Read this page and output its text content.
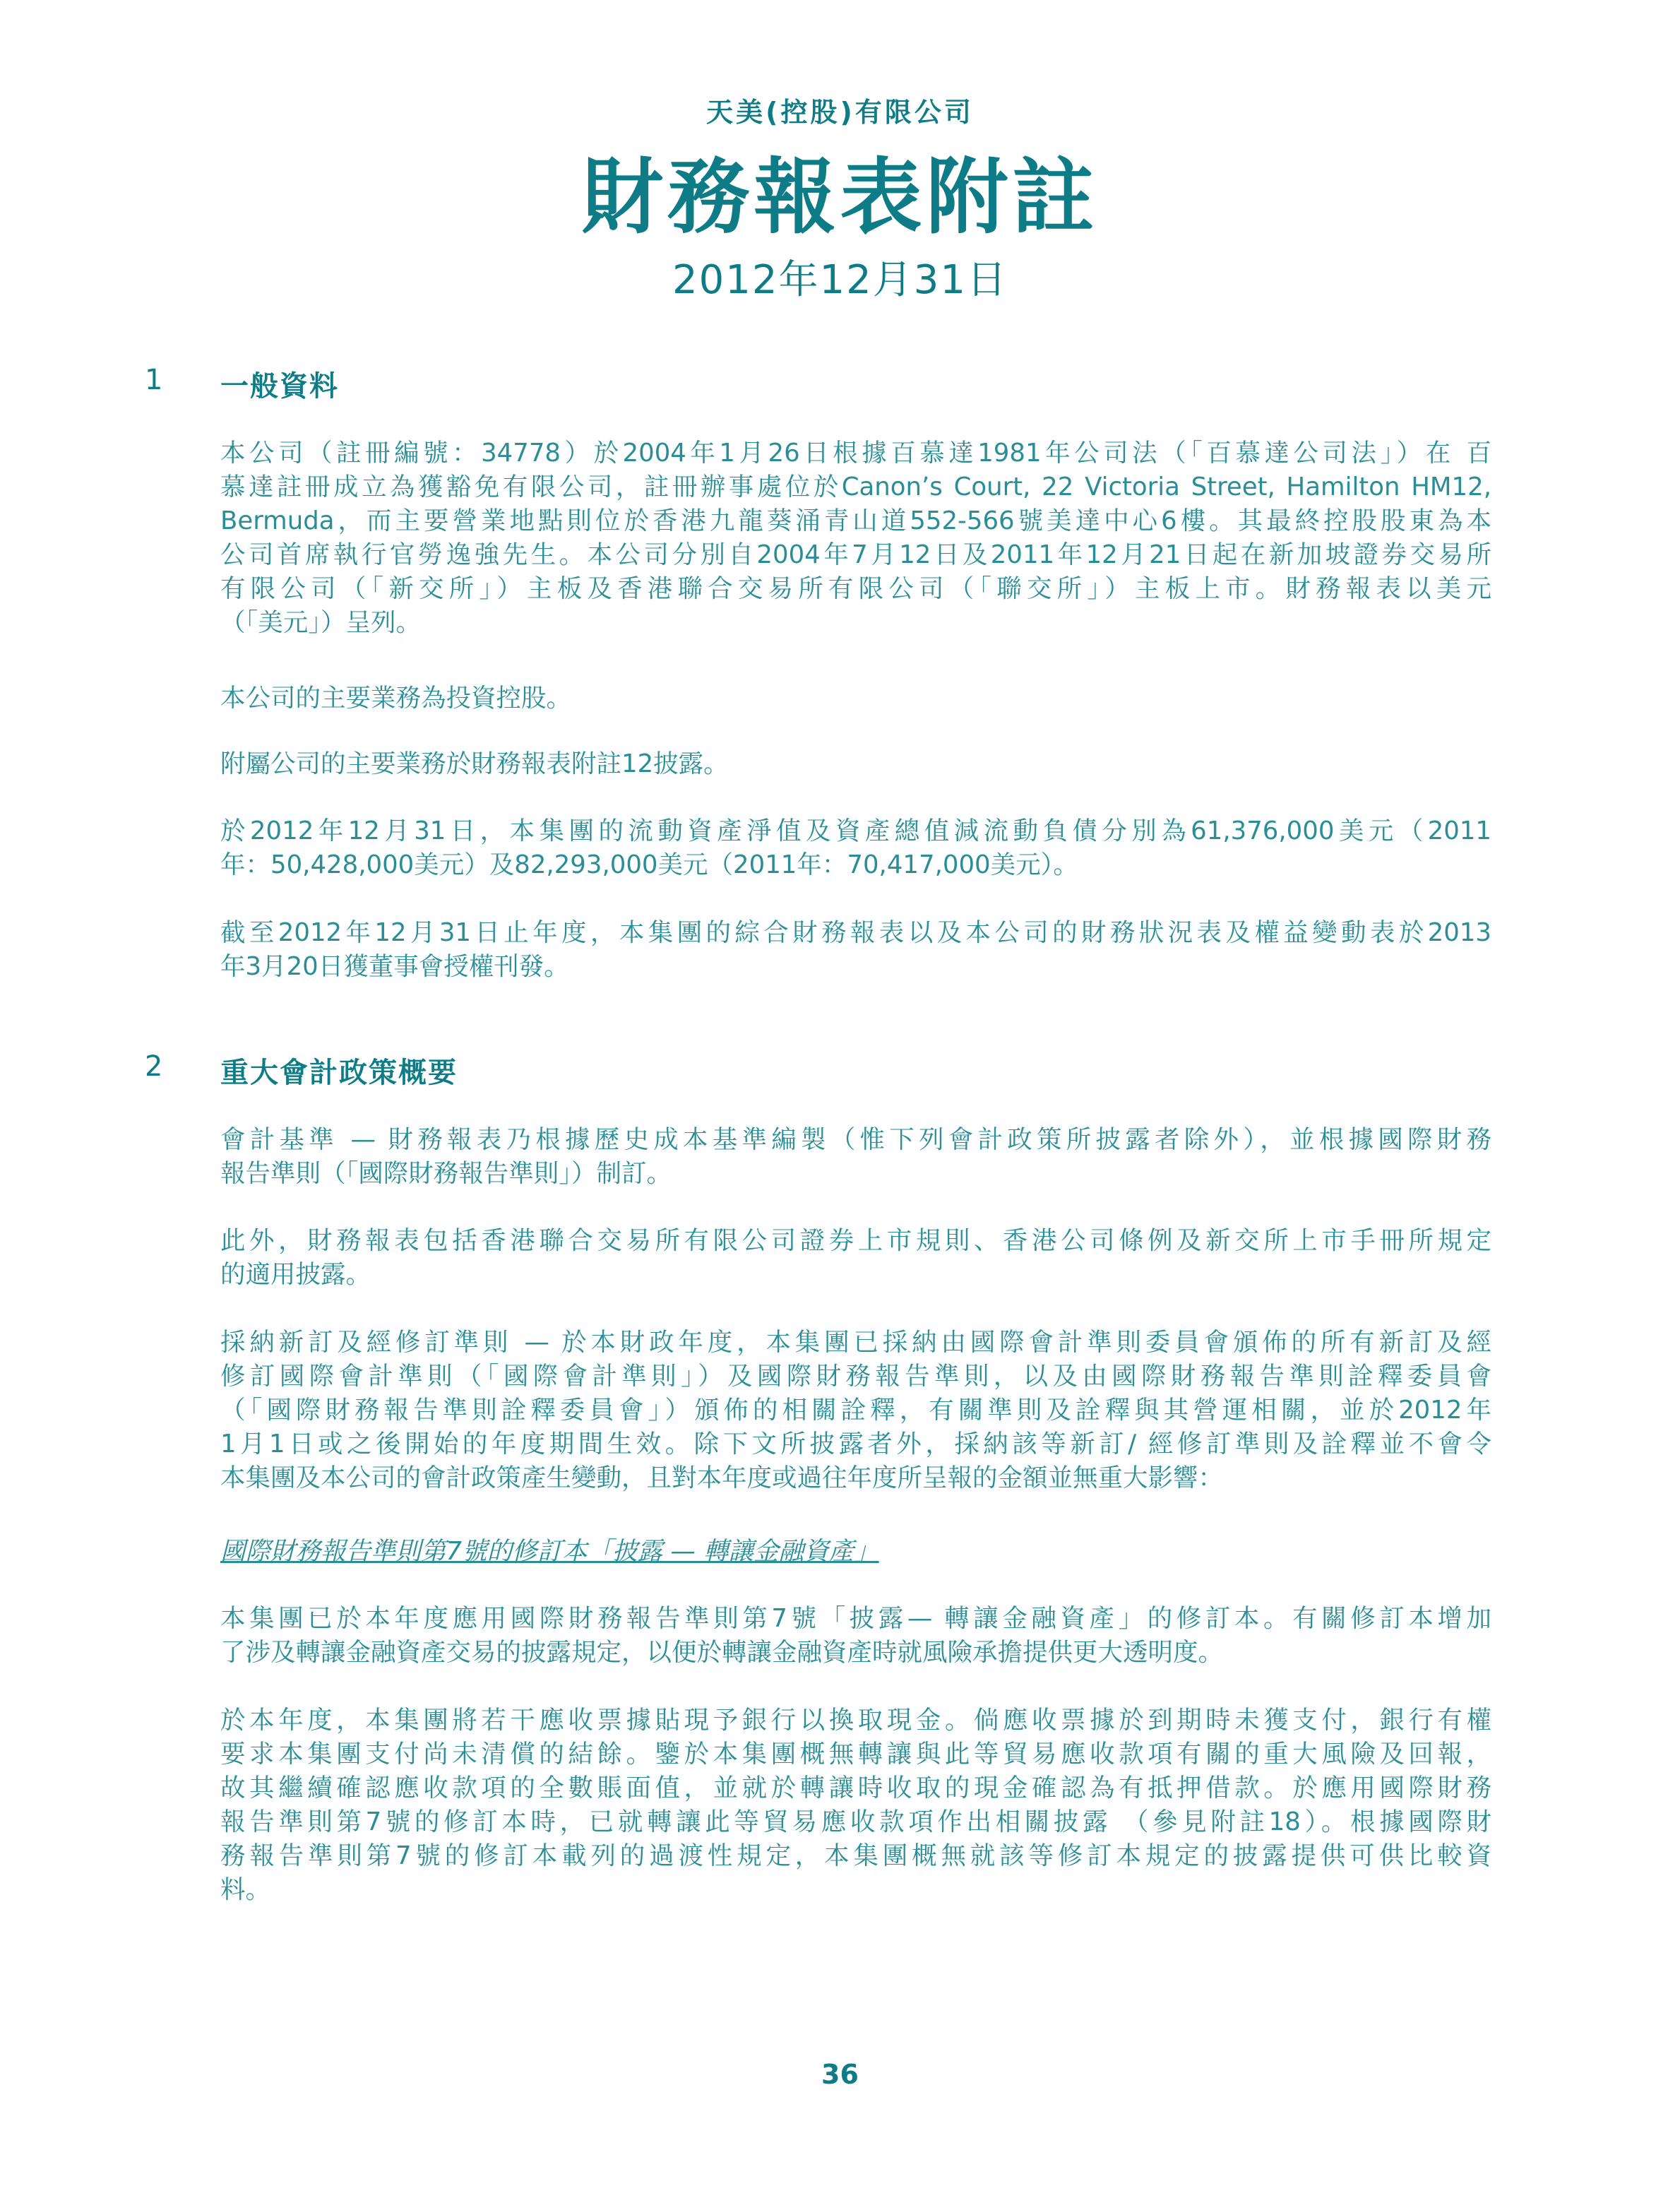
天美(控股)有限公司
財務報表附註
2012年12月31日
1 一般資料
本公司（註冊編號：34778）於2004年1月26日根據百慕達1981年公司法（「百慕達公司法」）在 百
慕達註冊成立為獲豁免有限公司，註冊辦事處位於Canon’s Court, 22 Victoria Street, Hamilton HM12,
Bermuda，而主要營業地點則位於香港九龍葵涌青山道552-566號美達中心6樓。其最終控股股東為本
公司首席執行官勞逸強先生。本公司分別自2004年7月12日及2011年12月21日起在新加坡證券交易所
有限公司（「新交所」）主板及香港聯合交易所有限公司（「聯交所」）主板上市。財務報表以美元
（「美元」）呈列。
本公司的主要業務為投資控股。
附屬公司的主要業務於財務報表附註12披露。
於2012年12月31日，本集團的流動資產淨值及資產總值減流動負債分別為61,376,000美元（2011
年：50,428,000美元）及82,293,000美元（2011年：70,417,000美元）。
截至2012年12月31日止年度，本集團的綜合財務報表以及本公司的財務狀況表及權益變動表於2013
年3月20日獲董事會授權刊發。
2 重大會計政策概要
會計基準 — 財務報表乃根據歷史成本基準編製（惟下列會計政策所披露者除外），並根據國際財務
報告準則（「國際財務報告準則」）制訂。
此外，財務報表包括香港聯合交易所有限公司證券上市規則、香港公司條例及新交所上市手冊所規定
的適用披露。
採納新訂及經修訂準則 — 於本財政年度，本集團已採納由國際會計準則委員會頒佈的所有新訂及經
修訂國際會計準則（「國際會計準則」）及國際財務報告準則，以及由國際財務報告準則詮釋委員會
（「國際財務報告準則詮釋委員會」）頒佈的相關詮釋，有關準則及詮釋與其營運相關，並於2012年
1月1日或之後開始的年度期間生效。除下文所披露者外，採納該等新訂/ 經修訂準則及詮釋並不會令
本集團及本公司的會計政策產生變動，且對本年度或過往年度所呈報的金額並無重大影響：
國際財務報告準則第7號的修訂本「披露 — 轉讓金融資產」
本集團已於本年度應用國際財務報告準則第7號「披露— 轉讓金融資產」的修訂本。有關修訂本增加
了涉及轉讓金融資產交易的披露規定，以便於轉讓金融資產時就風險承擔提供更大透明度。
於本年度，本集團將若干應收票據貼現予銀行以換取現金。倘應收票據於到期時未獲支付，銀行有權
要求本集團支付尚未清償的結餘。鑒於本集團概無轉讓與此等貿易應收款項有關的重大風險及回報，
故其繼續確認應收款項的全數賬面值，並就於轉讓時收取的現金確認為有抵押借款。於應用國際財務
報告準則第7號的修訂本時，已就轉讓此等貿易應收款項作出相關披露 （參見附註18）。根據國際財
務報告準則第7號的修訂本載列的過渡性規定，本集團概無就該等修訂本規定的披露提供可供比較資
料。
36
